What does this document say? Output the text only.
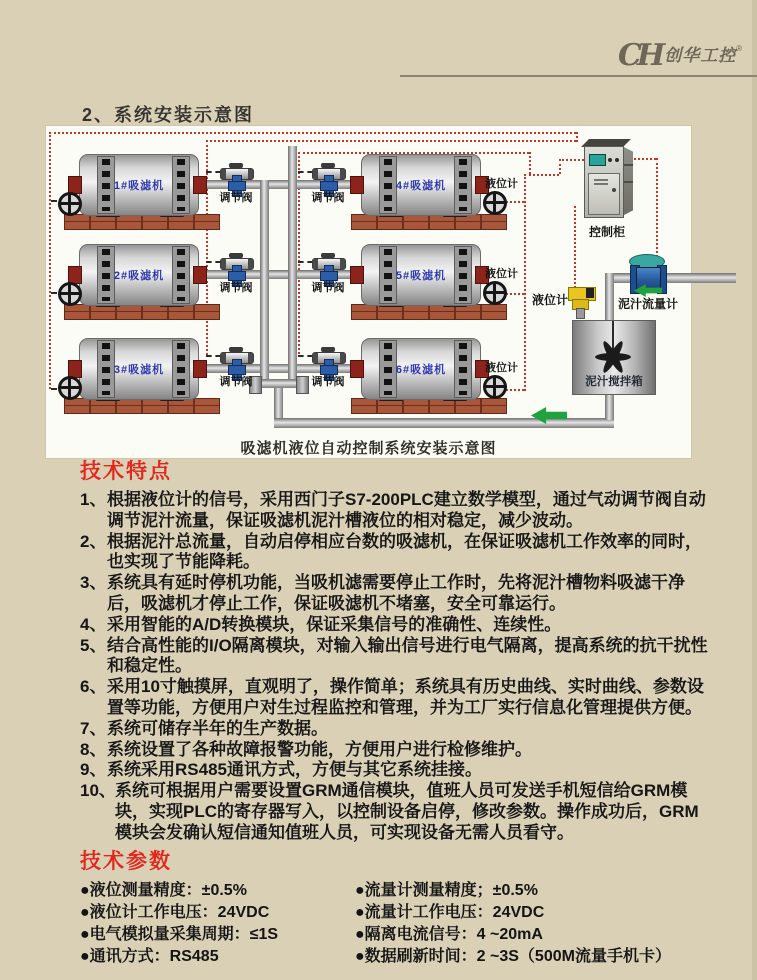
CH 创华工控®
2、系统安装示意图
1#吸滤机
2#吸滤机
3#吸滤机
4#吸滤机	液位计
5#吸滤机	液位计
6#吸滤机	液位计
调节阀	调节阀
调节阀	调节阀
调节阀	调节阀
控制柜
泥汁流量计
液位计
泥汁搅拌箱
吸滤机液位自动控制系统安装示意图
技术特点
1、 根据液位计的信号，采用西门子S7-200PLC建立数学模型，通过气动调节阀自动调节泥汁流量，保证吸滤机泥汁槽液位的相对稳定，减少波动。
2、 根据泥汁总流量，自动启停相应台数的吸滤机，在保证吸滤机工作效率的同时，也实现了节能降耗。
3、 系统具有延时停机功能，当吸机滤需要停止工作时，先将泥汁槽物料吸滤干净后，吸滤机才停止工作，保证吸滤机不堵塞，安全可靠运行。
4、 采用智能的A/D转换模块，保证采集信号的准确性、连续性。
5、 结合高性能的I/O隔离模块，对输入输出信号进行电气隔离，提高系统的抗干扰性和稳定性。
6、 采用10寸触摸屏，直观明了，操作简单；系统具有历史曲线、实时曲线、参数设置等功能，方便用户对生过程监控和管理，并为工厂实行信息化管理提供方便。
7、 系统可储存半年的生产数据。
8、 系统设置了各种故障报警功能，方便用户进行检修维护。
9、 系统采用RS485通讯方式，方便与其它系统挂接。
10、 系统可根据用户需要设置GRM通信模块，值班人员可发送手机短信给GRM模块，实现PLC的寄存器写入，以控制设备启停，修改参数。操作成功后，GRM模块会发确认短信通知值班人员，可实现设备无需人员看守。
技术参数
●液位测量精度：±0.5%	●流量计测量精度；±0.5%
●液位计工作电压：24VDC	●流量计工作电压：24VDC
●电气模拟量采集周期：≤1S	●隔离电流信号：4 ~20mA
●通讯方式：RS485	●数据刷新时间：2 ~3S（500M流量手机卡）
